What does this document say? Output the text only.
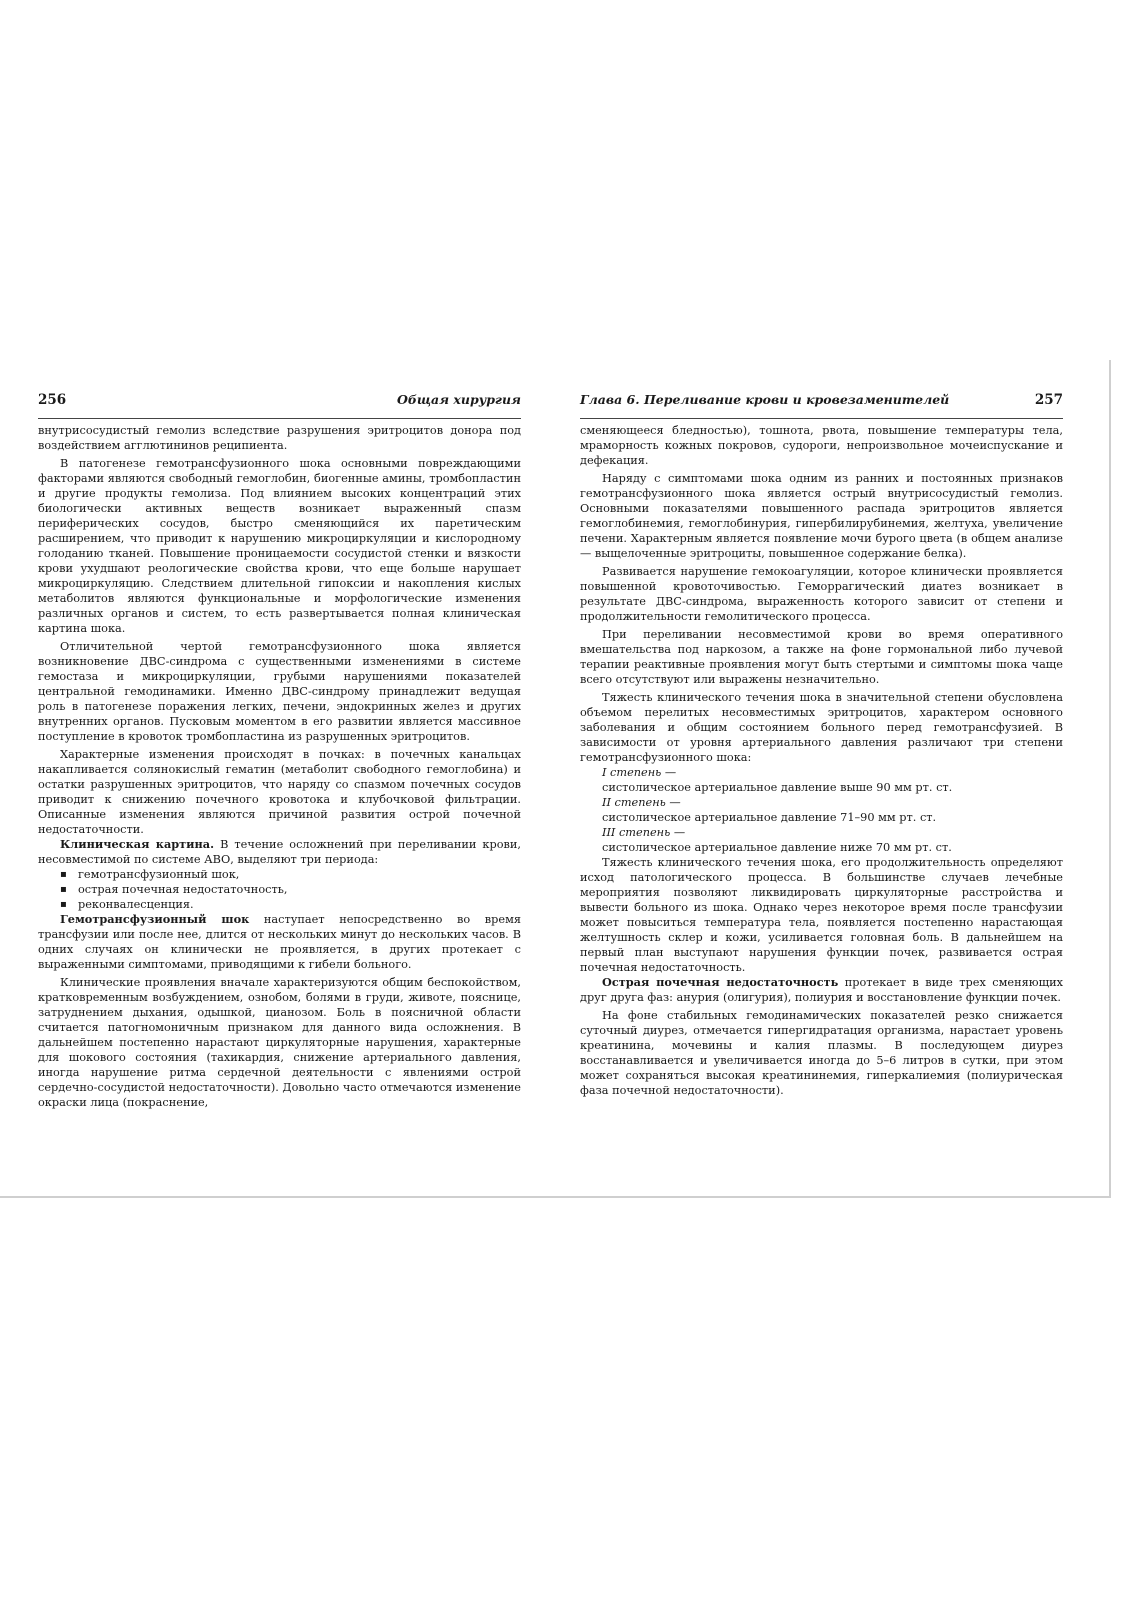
256	Общая хирургия

внутрисосудистый гемолиз вследствие разрушения эритроцитов донора под воздействием агглютининов реципиента.

В патогенезе гемотрансфузионного шока основными повреждающими факторами являются свободный гемоглобин, биогенные амины, тромбопластин и другие продукты гемолиза. Под влиянием высоких концентраций этих биологически активных веществ возникает выраженный спазм периферических сосудов, быстро сменяющийся их паретическим расширением, что приводит к нарушению микроциркуляции и кислородному голоданию тканей. Повышение проницаемости сосудистой стенки и вязкости крови ухудшают реологические свойства крови, что еще больше нарушает микроциркуляцию. Следствием длительной гипоксии и накопления кислых метаболитов являются функциональные и морфологические изменения различных органов и систем, то есть развертывается полная клиническая картина шока.

Отличительной чертой гемотрансфузионного шока является возникновение ДВС-синдрома с существенными изменениями в системе гемостаза и микроциркуляции, грубыми нарушениями показателей центральной гемодинамики. Именно ДВС-синдрому принадлежит ведущая роль в патогенезе поражения легких, печени, эндокринных желез и других внутренних органов. Пусковым моментом в его развитии является массивное поступление в кровоток тромбопластина из разрушенных эритроцитов.

Характерные изменения происходят в почках: в почечных канальцах накапливается солянокислый гематин (метаболит свободного гемоглобина) и остатки разрушенных эритроцитов, что наряду со спазмом почечных сосудов приводит к снижению почечного кровотока и клубочковой фильтрации. Описанные изменения являются причиной развития острой почечной недостаточности.

Клиническая картина. В течение осложнений при переливании крови, несовместимой по системе АВО, выделяют три периода:

▪ гемотрансфузионный шок,
▪ острая почечная недостаточность,
▪ реконвалесценция.

Гемотрансфузионный шок наступает непосредственно во время трансфузии или после нее, длится от нескольких минут до нескольких часов. В одних случаях он клинически не проявляется, в других протекает с выраженными симптомами, приводящими к гибели больного.

Клинические проявления вначале характеризуются общим беспокойством, кратковременным возбуждением, ознобом, болями в груди, животе, пояснице, затруднением дыхания, одышкой, цианозом. Боль в поясничной области считается патогномоничным признаком для данного вида осложнения. В дальнейшем постепенно нарастают циркуляторные нарушения, характерные для шокового состояния (тахикардия, снижение артериального давления, иногда нарушение ритма сердечной деятельности с явлениями острой сердечно-сосудистой недостаточности). Довольно часто отмечаются изменение окраски лица (покраснение,

Глава 6. Переливание крови и кровезаменителей	257

сменяющееся бледностью), тошнота, рвота, повышение температуры тела, мраморность кожных покровов, судороги, непроизвольное мочеиспускание и дефекация.

Наряду с симптомами шока одним из ранних и постоянных признаков гемотрансфузионного шока является острый внутрисосудистый гемолиз. Основными показателями повышенного распада эритроцитов является гемоглобинемия, гемоглобинурия, гипербилирубинемия, желтуха, увеличение печени. Характерным является появление мочи бурого цвета (в общем анализе — выщелоченные эритроциты, повышенное содержание белка).

Развивается нарушение гемокоагуляции, которое клинически проявляется повышенной кровоточивостью. Геморрагический диатез возникает в результате ДВС-синдрома, выраженность которого зависит от степени и продолжительности гемолитического процесса.

При переливании несовместимой крови во время оперативного вмешательства под наркозом, а также на фоне гормональной либо лучевой терапии реактивные проявления могут быть стертыми и симптомы шока чаще всего отсутствуют или выражены незначительно.

Тяжесть клинического течения шока в значительной степени обусловлена объемом перелитых несовместимых эритроцитов, характером основного заболевания и общим состоянием больного перед гемотрансфузией. В зависимости от уровня артериального давления различают три степени гемотрансфузионного шока:

I степень —

систолическое артериальное давление выше 90 мм рт. ст.

II степень —

систолическое артериальное давление 71–90 мм рт. ст.

III степень —

систолическое артериальное давление ниже 70 мм рт. ст.

Тяжесть клинического течения шока, его продолжительность определяют исход патологического процесса. В большинстве случаев лечебные мероприятия позволяют ликвидировать циркуляторные расстройства и вывести больного из шока. Однако через некоторое время после трансфузии может повыситься температура тела, появляется постепенно нарастающая желтушность склер и кожи, усиливается головная боль. В дальнейшем на первый план выступают нарушения функции почек, развивается острая почечная недостаточность.

Острая почечная недостаточность протекает в виде трех сменяющих друг друга фаз: анурия (олигурия), полиурия и восстановление функции почек.

На фоне стабильных гемодинамических показателей резко снижается суточный диурез, отмечается гипергидратация организма, нарастает уровень креатинина, мочевины и калия плазмы. В последующем диурез восстанавливается и увеличивается иногда до 5–6 литров в сутки, при этом может сохраняться высокая креатининемия, гиперкалиемия (полиурическая фаза почечной недостаточности).
